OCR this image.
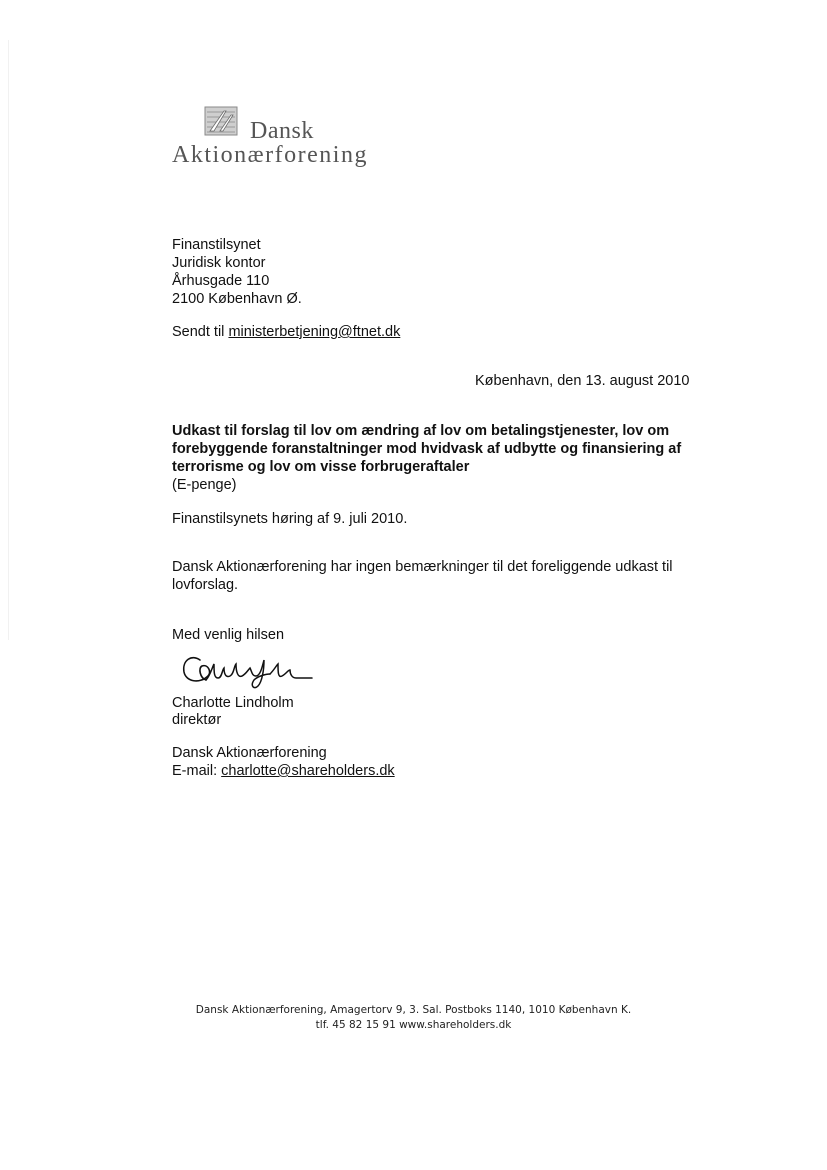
Dansk
Aktionærforening
Finanstilsynet
Juridisk kontor
Århusgade 110
2100 København Ø.
Sendt til ministerbetjening@ftnet.dk
København, den 13. august 2010
Udkast til forslag til lov om ændring af lov om betalingstjenester, lov om
forebyggende foranstaltninger mod hvidvask af udbytte og finansiering af
terrorisme og lov om visse forbrugeraftaler
(E-penge)
Finanstilsynets høring af 9. juli 2010.
Dansk Aktionærforening har ingen bemærkninger til det foreliggende udkast til
lovforslag.
Med venlig hilsen
Charlotte Lindholm
direktør
Dansk Aktionærforening
E-mail: charlotte@shareholders.dk
Dansk Aktionærforening, Amagertorv 9, 3. Sal. Postboks 1140, 1010 København K.
tlf. 45 82 15 91 www.shareholders.dk
